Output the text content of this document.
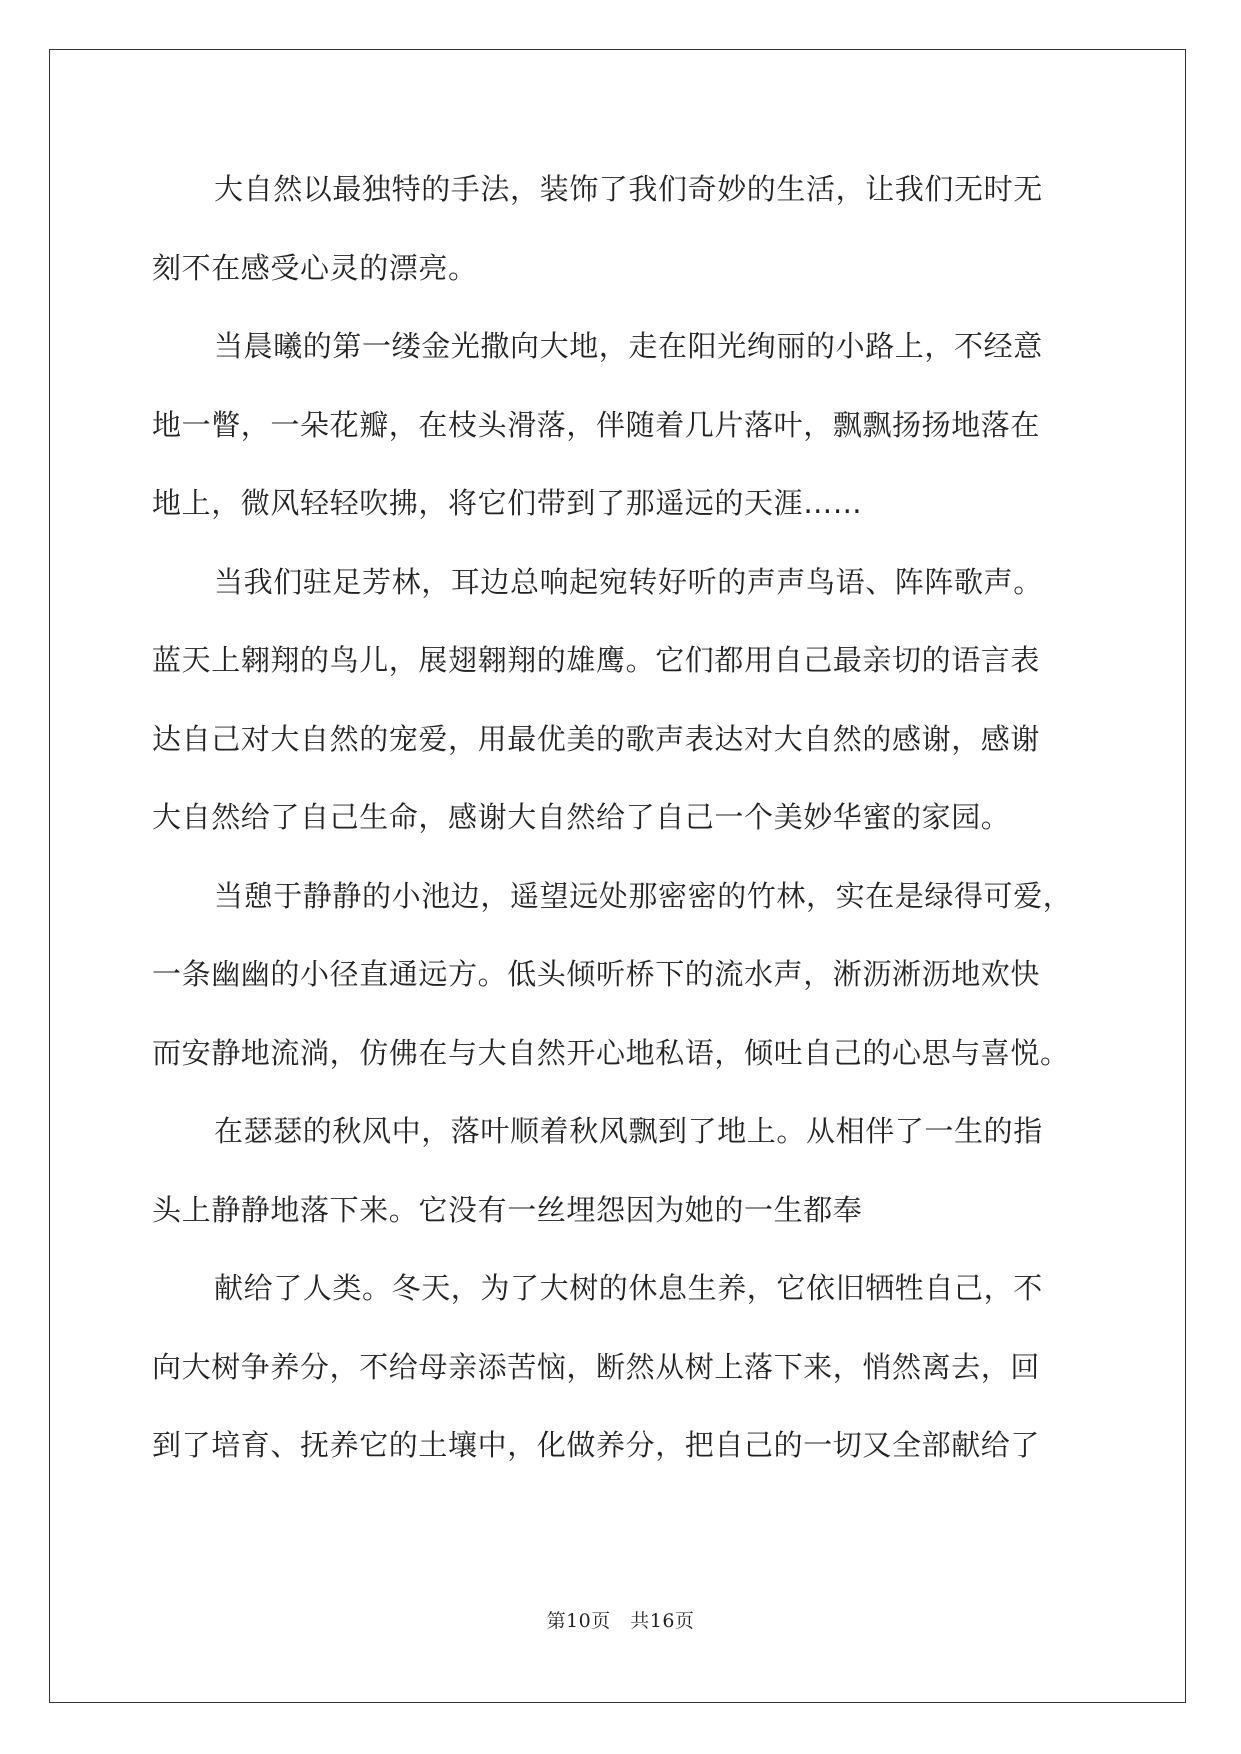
大自然以最独特的手法，装饰了我们奇妙的生活，让我们无时无
刻不在感受心灵的漂亮。

当晨曦的第一缕金光撒向大地，走在阳光绚丽的小路上，不经意
地一瞥，一朵花瓣，在枝头滑落，伴随着几片落叶，飘飘扬扬地落在
地上，微风轻轻吹拂，将它们带到了那遥远的天涯……

当我们驻足芳林，耳边总响起宛转好听的声声鸟语、阵阵歌声。
蓝天上翱翔的鸟儿，展翅翱翔的雄鹰。它们都用自己最亲切的语言表
达自己对大自然的宠爱，用最优美的歌声表达对大自然的感谢，感谢
大自然给了自己生命，感谢大自然给了自己一个美妙华蜜的家园。

当憩于静静的小池边，遥望远处那密密的竹林，实在是绿得可爱，
一条幽幽的小径直通远方。低头倾听桥下的流水声，淅沥淅沥地欢快
而安静地流淌，仿佛在与大自然开心地私语，倾吐自己的心思与喜悦。

在瑟瑟的秋风中，落叶顺着秋风飘到了地上。从相伴了一生的指
头上静静地落下来。它没有一丝埋怨因为她的一生都奉

献给了人类。冬天，为了大树的休息生养，它依旧牺牲自己，不
向大树争养分，不给母亲添苦恼，断然从树上落下来，悄然离去，回
到了培育、抚养它的土壤中，化做养分，把自己的一切又全部献给了

第10页　共16页
